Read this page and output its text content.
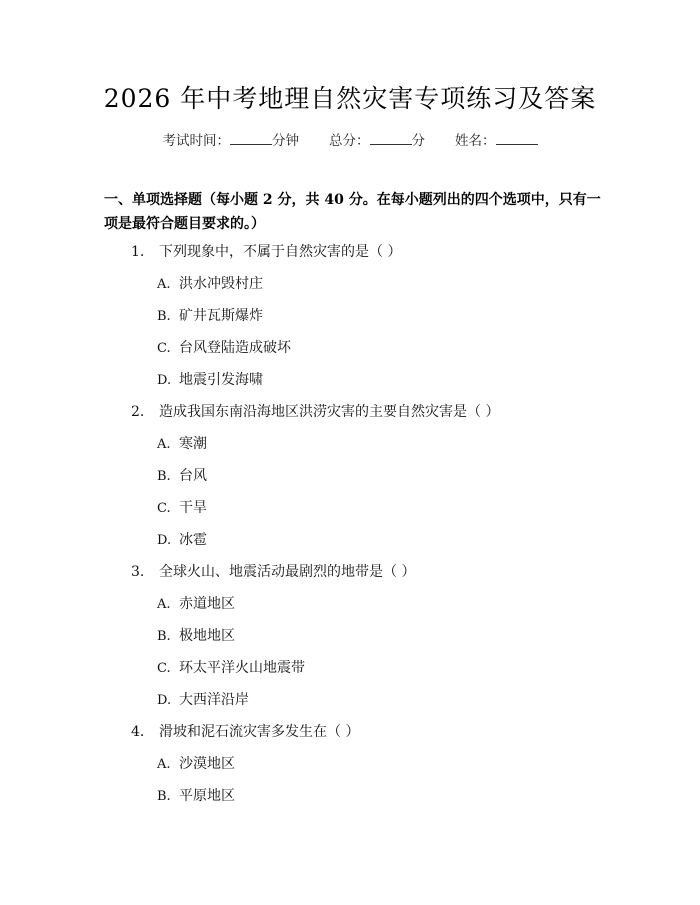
2026 年中考地理自然灾害专项练习及答案
考试时间：	分钟 总分：	分 姓名：
一、单项选择题（每小题 2 分，共 40 分。在每小题列出的四个选项中，只有一项是最符合题目要求的。）
1. 下列现象中，不属于自然灾害的是（ ）
A. 洪水冲毁村庄
B. 矿井瓦斯爆炸
C. 台风登陆造成破坏
D. 地震引发海啸
2. 造成我国东南沿海地区洪涝灾害的主要自然灾害是（ ）
A. 寒潮
B. 台风
C. 干旱
D. 冰雹
3. 全球火山、地震活动最剧烈的地带是（ ）
A. 赤道地区
B. 极地地区
C. 环太平洋火山地震带
D. 大西洋沿岸
4. 滑坡和泥石流灾害多发生在（ ）
A. 沙漠地区
B. 平原地区
